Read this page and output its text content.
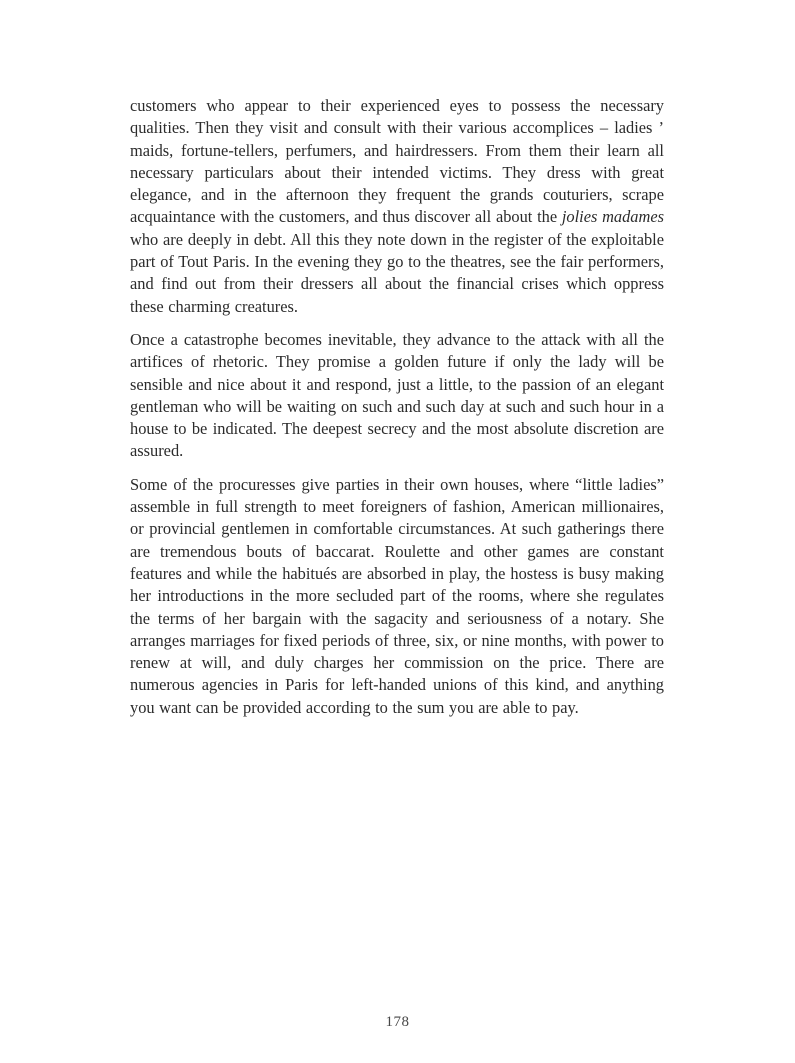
customers who appear to their experienced eyes to possess the necessary qualities. Then they visit and consult with their various accomplices – ladies ’ maids, fortune-tellers, perfumers, and hairdressers. From them their learn all necessary particulars about their intended victims. They dress with great elegance, and in the afternoon they frequent the grands couturiers, scrape acquaintance with the customers, and thus discover all about the jolies madames who are deeply in debt. All this they note down in the register of the exploitable part of Tout Paris. In the evening they go to the theatres, see the fair performers, and find out from their dressers all about the financial crises which oppress these charming creatures.

Once a catastrophe becomes inevitable, they advance to the attack with all the artifices of rhetoric. They promise a golden future if only the lady will be sensible and nice about it and respond, just a little, to the passion of an elegant gentleman who will be waiting on such and such day at such and such hour in a house to be indicated. The deepest secrecy and the most absolute discretion are assured.

Some of the procuresses give parties in their own houses, where “little ladies” assemble in full strength to meet foreigners of fashion, American millionaires, or provincial gentlemen in comfortable circumstances. At such gatherings there are tremendous bouts of baccarat. Roulette and other games are constant features and while the habitués are absorbed in play, the hostess is busy making her introductions in the more secluded part of the rooms, where she regulates the terms of her bargain with the sagacity and seriousness of a notary. She arranges marriages for fixed periods of three, six, or nine months, with power to renew at will, and duly charges her commission on the price. There are numerous agencies in Paris for left-handed unions of this kind, and anything you want can be provided according to the sum you are able to pay.

178
